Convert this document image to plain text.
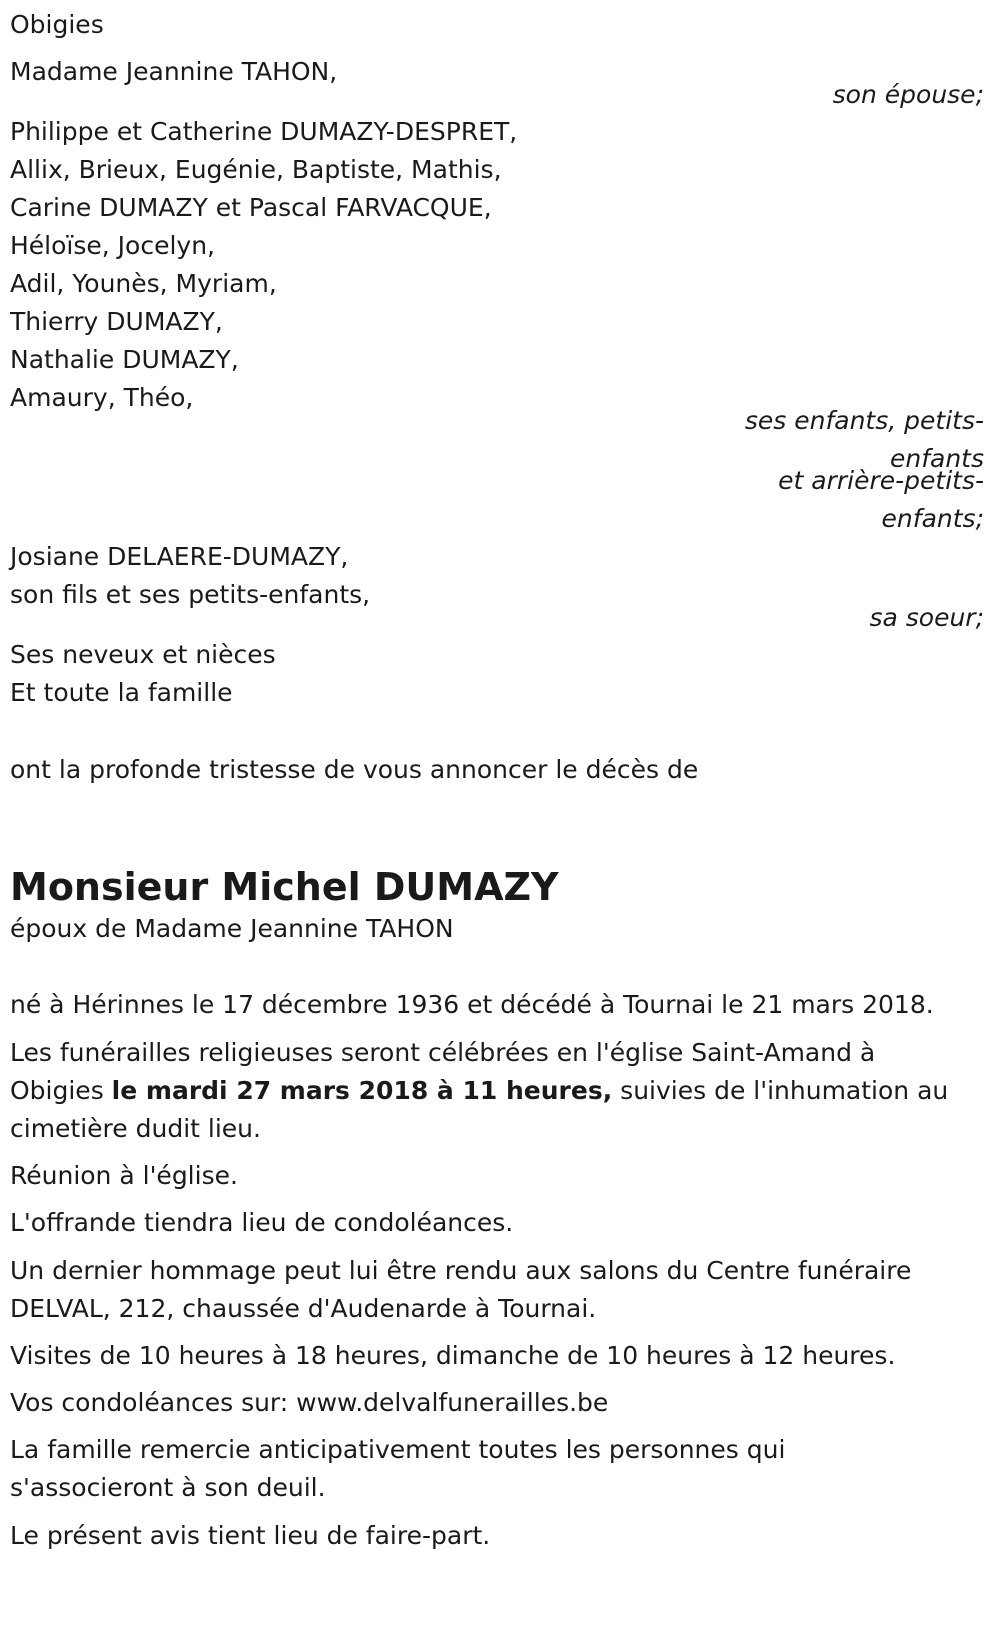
Obigies

Madame Jeannine TAHON,

son épouse;

Philippe et Catherine DUMAZY-DESPRET,

Allix, Brieux, Eugénie, Baptiste, Mathis,

Carine DUMAZY et Pascal FARVACQUE,

Héloïse, Jocelyn,

Adil, Younès, Myriam,

Thierry DUMAZY,

Nathalie DUMAZY,

Amaury, Théo,

ses enfants, petits-

enfants

et arrière-petits-

enfants;

Josiane DELAERE-DUMAZY,

son fils et ses petits-enfants,

sa soeur;

Ses neveux et nièces

Et toute la famille

ont la profonde tristesse de vous annoncer le décès de

Monsieur Michel DUMAZY

époux de Madame Jeannine TAHON

né à Hérinnes le 17 décembre 1936 et décédé à Tournai le 21 mars 2018.

Les funérailles religieuses seront célébrées en l'église Saint-Amand à

Obigies le mardi 27 mars 2018 à 11 heures, suivies de l'inhumation au

cimetière dudit lieu.

Réunion à l'église.

L'offrande tiendra lieu de condoléances.

Un dernier hommage peut lui être rendu aux salons du Centre funéraire

DELVAL, 212, chaussée d'Audenarde à Tournai.

Visites de 10 heures à 18 heures, dimanche de 10 heures à 12 heures.

Vos condoléances sur: www.delvalfunerailles.be

La famille remercie anticipativement toutes les personnes qui

s'associeront à son deuil.

Le présent avis tient lieu de faire-part.
